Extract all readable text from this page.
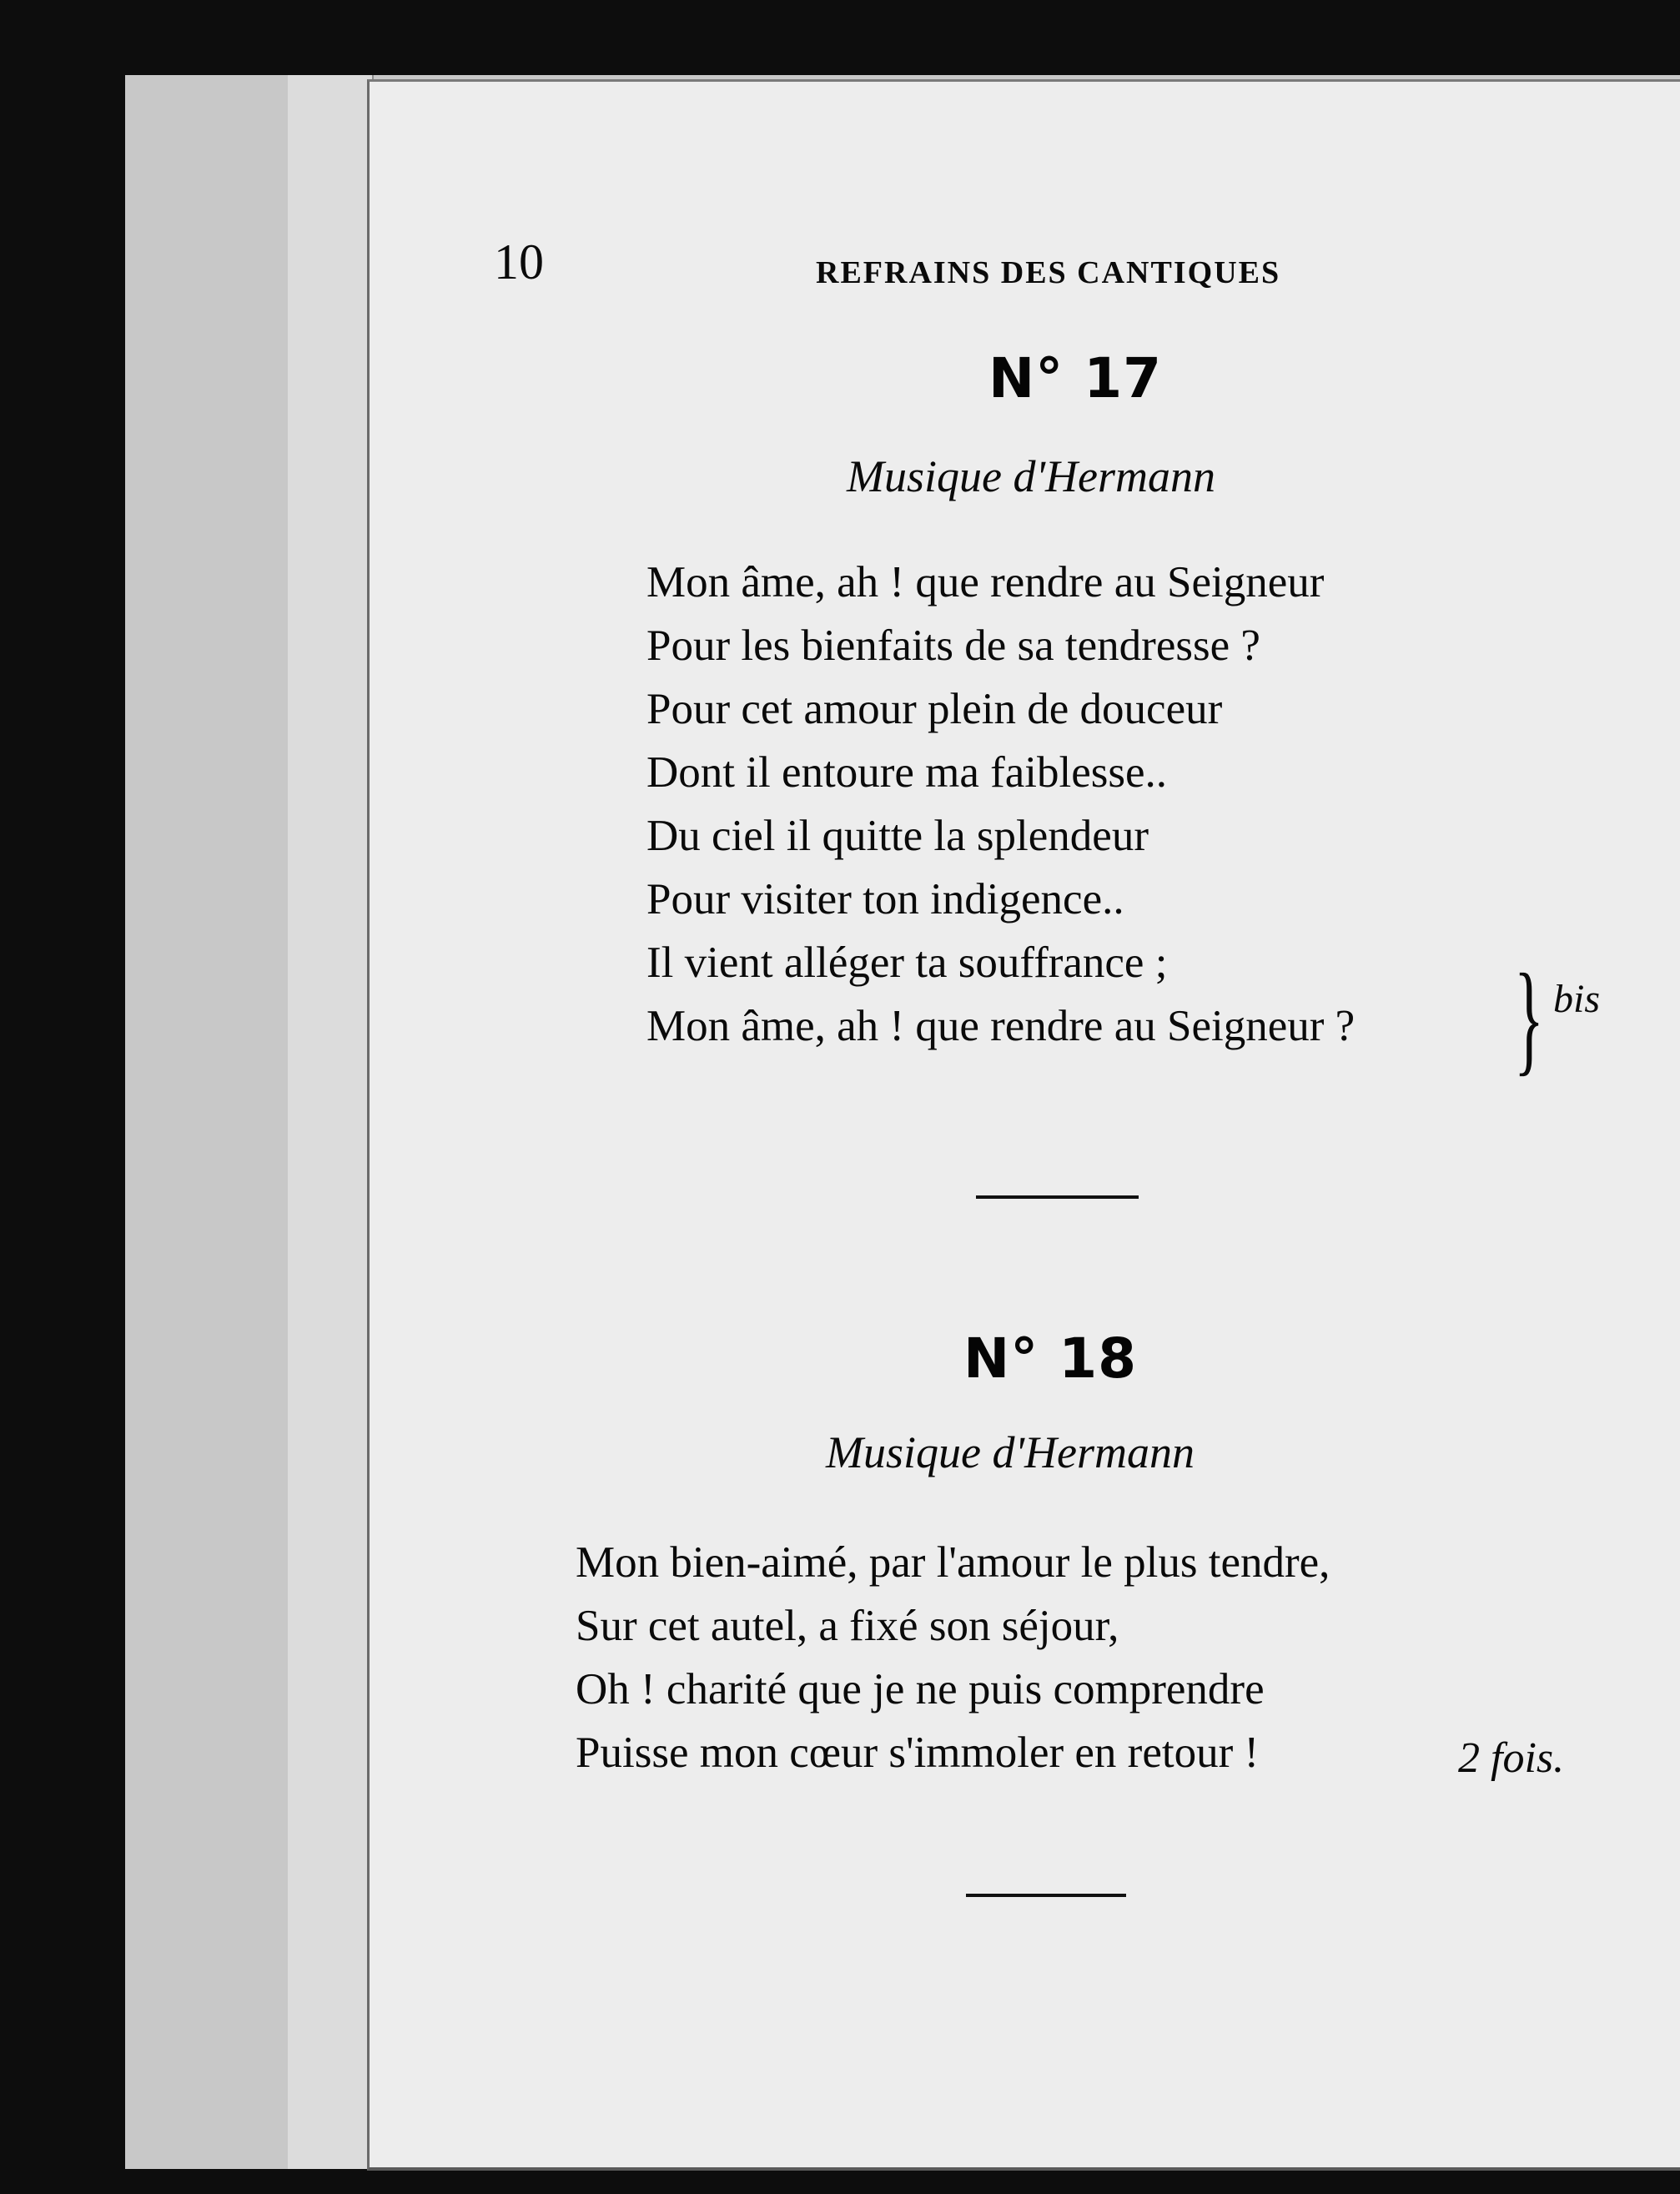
10	REFRAINS DES CANTIQUES
N° 17
Musique d'Hermann
Mon âme, ah ! que rendre au Seigneur
Pour les bienfaits de sa tendresse ?
Pour cet amour plein de douceur
Dont il entoure ma faiblesse..
Du ciel il quitte la splendeur
Pour visiter ton indigence..
Il vient alléger ta souffrance ;
Mon âme, ah ! que rendre au Seigneur ? } bis
N° 18
Musique d'Hermann
Mon bien-aimé, par l'amour le plus tendre,
Sur cet autel, a fixé son séjour,
Oh ! charité que je ne puis comprendre
Puisse mon cœur s'immoler en retour !	2 fois.
